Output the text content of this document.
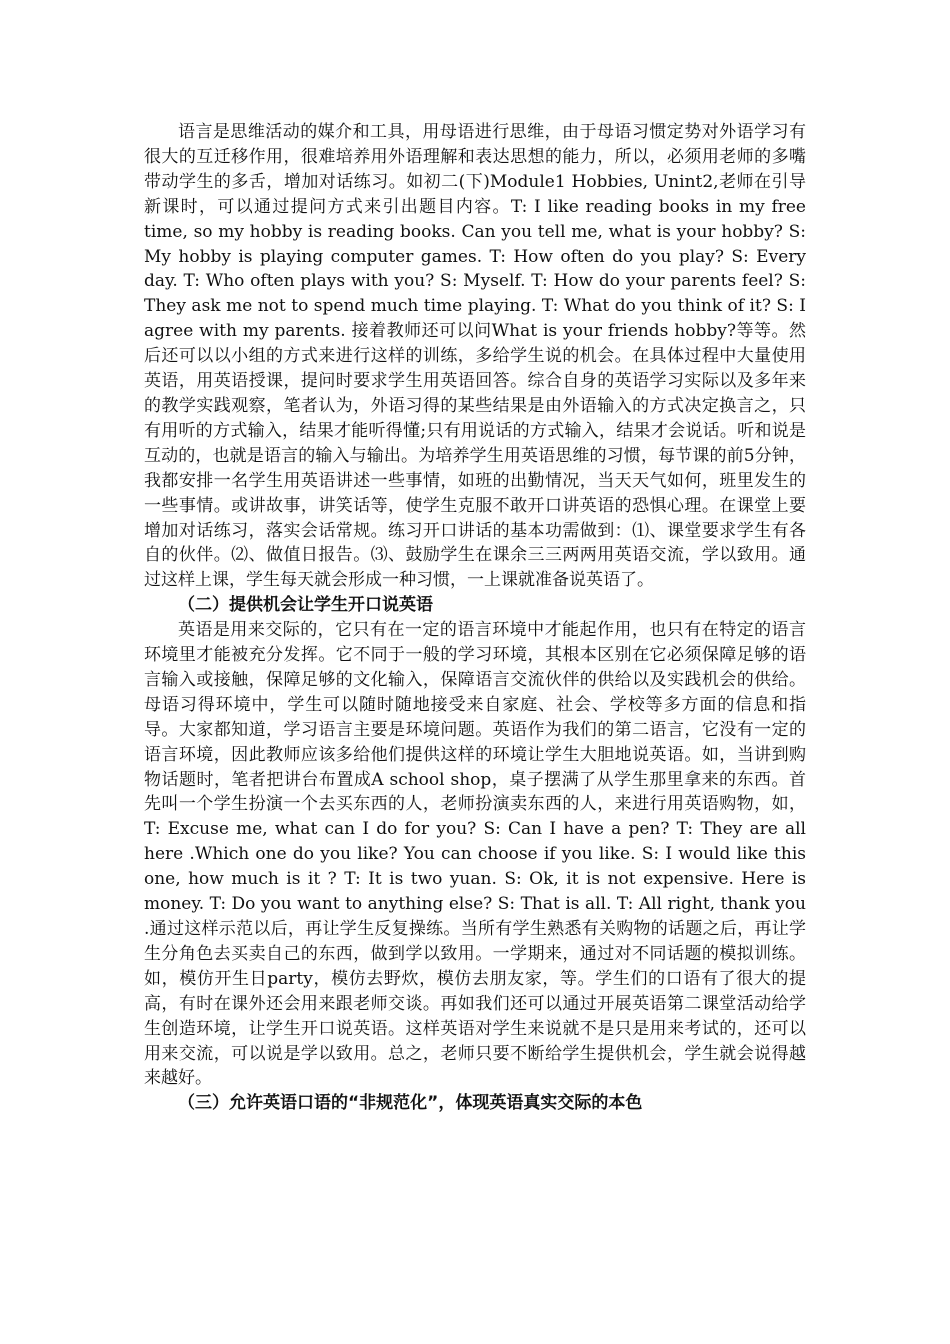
语言是思维活动的媒介和工具，用母语进行思维，由于母语习惯定势对外语学习有很大的互迁移作用，很难培养用外语理解和表达思想的能力，所以，必须用老师的多嘴带动学生的多舌，增加对话练习。如初二(下)Module1 Hobbies, Unint2,老师在引导新课时，可以通过提问方式来引出题目内容。T: I like reading books in my free time, so my hobby is reading books. Can you tell me, what is your hobby? S: My hobby is playing computer games. T: How often do you play? S: Every day. T: Who often plays with you? S: Myself. T: How do your parents feel? S: They ask me not to spend much time playing. T: What do you think of it? S: I agree with my parents. 接着教师还可以问What is your friends hobby?等等。然后还可以以小组的方式来进行这样的训练，多给学生说的机会。在具体过程中大量使用英语，用英语授课，提问时要求学生用英语回答。综合自身的英语学习实际以及多年来的教学实践观察，笔者认为，外语习得的某些结果是由外语输入的方式决定换言之，只有用听的方式输入，结果才能听得懂;只有用说话的方式输入，结果才会说话。听和说是互动的，也就是语言的输入与输出。为培养学生用英语思维的习惯，每节课的前5分钟，我都安排一名学生用英语讲述一些事情，如班的出勤情况，当天天气如何，班里发生的一些事情。或讲故事，讲笑话等，使学生克服不敢开口讲英语的恐惧心理。在课堂上要增加对话练习，落实会话常规。练习开口讲话的基本功需做到：⑴、课堂要求学生有各自的伙伴。⑵、做值日报告。⑶、鼓励学生在课余三三两两用英语交流，学以致用。通过这样上课，学生每天就会形成一种习惯，一上课就准备说英语了。

（二）提供机会让学生开口说英语

英语是用来交际的，它只有在一定的语言环境中才能起作用，也只有在特定的语言环境里才能被充分发挥。它不同于一般的学习环境，其根本区别在它必须保障足够的语言输入或接触，保障足够的文化输入，保障语言交流伙伴的供给以及实践机会的供给。母语习得环境中，学生可以随时随地接受来自家庭、社会、学校等多方面的信息和指导。大家都知道，学习语言主要是环境问题。英语作为我们的第二语言，它没有一定的语言环境，因此教师应该多给他们提供这样的环境让学生大胆地说英语。如，当讲到购物话题时，笔者把讲台布置成A school shop，桌子摆满了从学生那里拿来的东西。首先叫一个学生扮演一个去买东西的人，老师扮演卖东西的人，来进行用英语购物，如，T: Excuse me, what can I do for you? S: Can I have a pen? T: They are all here .Which one do you like? You can choose if you like. S: I would like this one, how much is it ? T: It is two yuan. S: Ok, it is not expensive. Here is money. T: Do you want to anything else? S: That is all. T: All right, thank you .通过这样示范以后，再让学生反复操练。当所有学生熟悉有关购物的话题之后，再让学生分角色去买卖自己的东西，做到学以致用。一学期来，通过对不同话题的模拟训练。如，模仿开生日party，模仿去野炊，模仿去朋友家，等。学生们的口语有了很大的提高，有时在课外还会用来跟老师交谈。再如我们还可以通过开展英语第二课堂活动给学生创造环境，让学生开口说英语。这样英语对学生来说就不是只是用来考试的，还可以用来交流，可以说是学以致用。总之，老师只要不断给学生提供机会，学生就会说得越来越好。

（三）允许英语口语的“非规范化”，体现英语真实交际的本色
